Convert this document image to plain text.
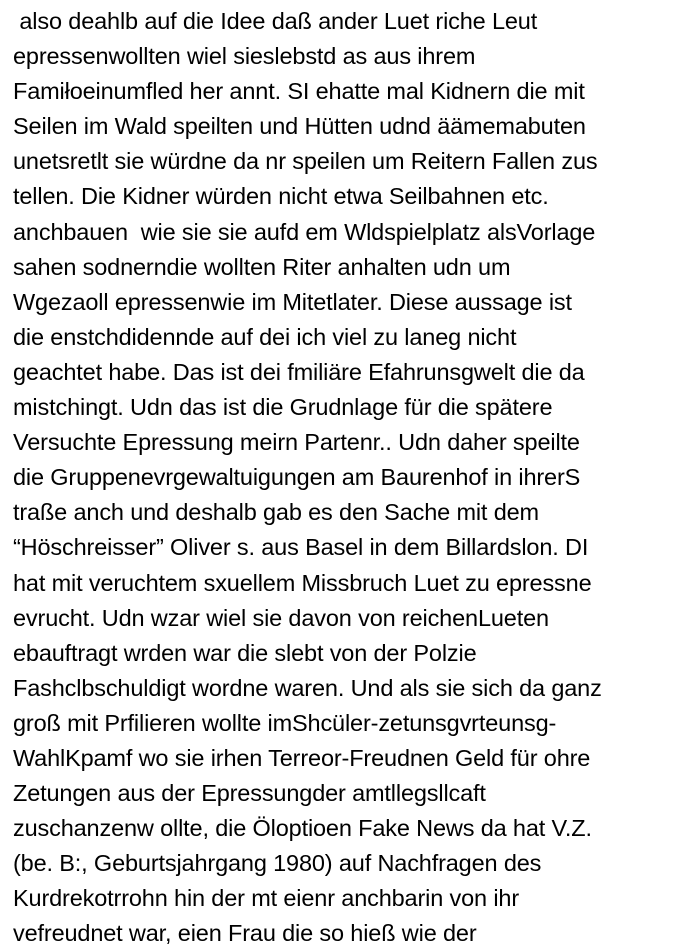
also deahlb auf die Idee daß ander Luet riche Leut
epressenwollten wiel sieslebstd as aus ihrem
Famiłoeinumfled her annt. SI ehatte mal Kidnern die mit
Seilen im Wald speilten und Hütten udnd äämemabuten
unetsretlt sie würdne da nr speilen um Reitern Fallen zus
tellen. Die Kidner würden nicht etwa Seilbahnen etc.
anchbauen  wie sie sie aufd em Wldspielplatz alsVorlage
sahen sodnerndie wollten Riter anhalten udn um
Wgezaoll epressenwie im Mitetlater. Diese aussage ist
die enstchdidennde auf dei ich viel zu laneg nicht
geachtet habe. Das ist dei fmiliäre Efahrunsgwelt die da
mistchingt. Udn das ist die Grudnlage für die spätere
Versuchte Epressung meirn Partenr.. Udn daher speilte
die Gruppenevrgewaltuigungen am Baurenhof in ihrerS
traße anch und deshalb gab es den Sache mit dem
“Höschreisser” Oliver s. aus Basel in dem Billardslon. DI
hat mit veruchtem sxuellem Missbruch Luet zu epressne
evrucht. Udn wzar wiel sie davon von reichenLueten
ebauftragt wrden war die slebt von der Polzie
Fashclbschuldigt wordne waren. Und als sie sich da ganz
groß mit Prfilieren wollte imShcüler-zetunsgvrteunsg-
WahlKpamf wo sie irhen Terreor-Freudnen Geld für ohre
Zetungen aus der Epressungder amtllegsllcaft
zuschanzenw ollte, die Öloptioen Fake News da hat V.Z.
(be. B:, Geburtsjahrgang 1980) auf Nachfragen des
Kurdrekotrrohn hin der mt eienr anchbarin von ihr
vefreudnet war, eien Frau die so hieß wie der
